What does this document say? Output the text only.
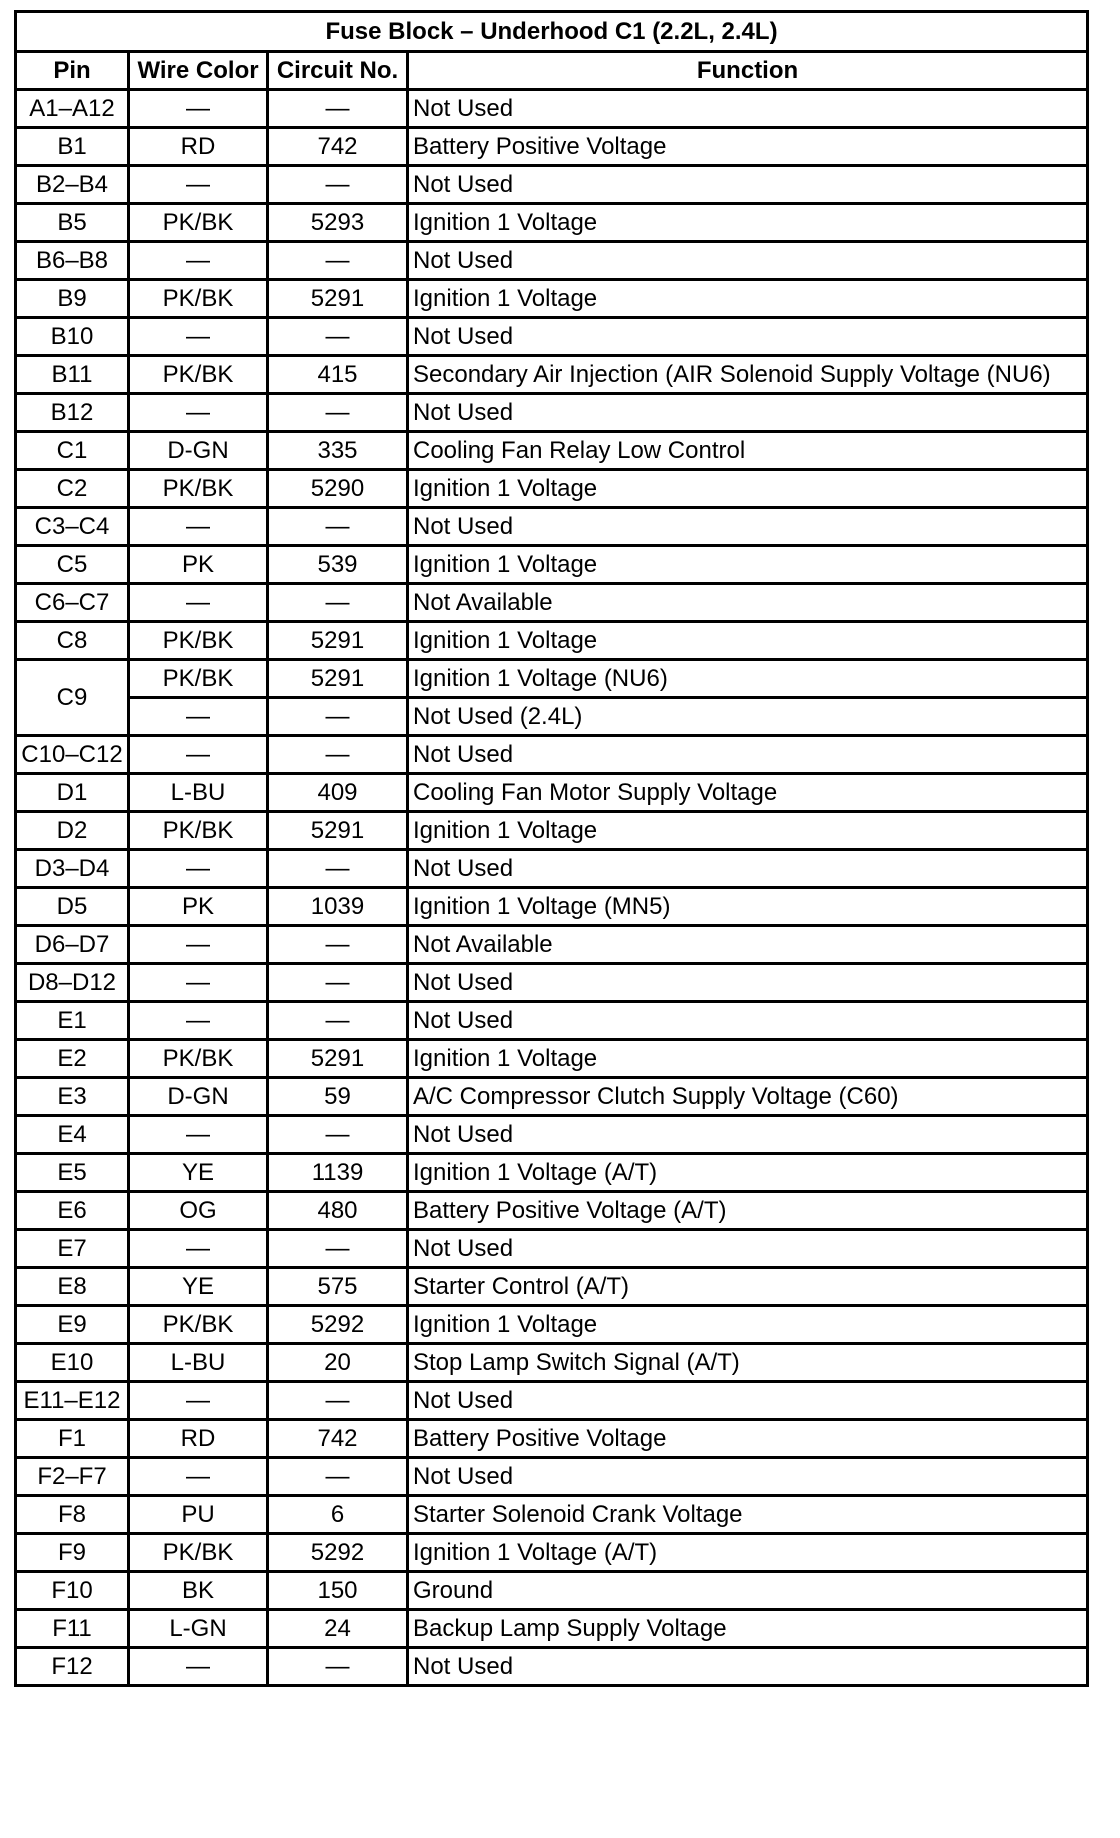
Fuse Block – Underhood C1 (2.2L, 2.4L)			
Pin	Wire Color	Circuit No.	Function
A1–A12	—	—	Not Used
B1	RD	742	Battery Positive Voltage
B2–B4	—	—	Not Used
B5	PK/BK	5293	Ignition 1 Voltage
B6–B8	—	—	Not Used
B9	PK/BK	5291	Ignition 1 Voltage
B10	—	—	Not Used
B11	PK/BK	415	Secondary Air Injection (AIR Solenoid Supply Voltage (NU6)
B12	—	—	Not Used
C1	D-GN	335	Cooling Fan Relay Low Control
C2	PK/BK	5290	Ignition 1 Voltage
C3–C4	—	—	Not Used
C5	PK	539	Ignition 1 Voltage
C6–C7	—	—	Not Available
C8	PK/BK	5291	Ignition 1 Voltage
C9	PK/BK	5291	Ignition 1 Voltage (NU6)
	—	—	Not Used (2.4L)
C10–C12	—	—	Not Used
D1	L-BU	409	Cooling Fan Motor Supply Voltage
D2	PK/BK	5291	Ignition 1 Voltage
D3–D4	—	—	Not Used
D5	PK	1039	Ignition 1 Voltage (MN5)
D6–D7	—	—	Not Available
D8–D12	—	—	Not Used
E1	—	—	Not Used
E2	PK/BK	5291	Ignition 1 Voltage
E3	D-GN	59	A/C Compressor Clutch Supply Voltage (C60)
E4	—	—	Not Used
E5	YE	1139	Ignition 1 Voltage (A/T)
E6	OG	480	Battery Positive Voltage (A/T)
E7	—	—	Not Used
E8	YE	575	Starter Control (A/T)
E9	PK/BK	5292	Ignition 1 Voltage
E10	L-BU	20	Stop Lamp Switch Signal (A/T)
E11–E12	—	—	Not Used
F1	RD	742	Battery Positive Voltage
F2–F7	—	—	Not Used
F8	PU	6	Starter Solenoid Crank Voltage
F9	PK/BK	5292	Ignition 1 Voltage (A/T)
F10	BK	150	Ground
F11	L-GN	24	Backup Lamp Supply Voltage
F12	—	—	Not Used
